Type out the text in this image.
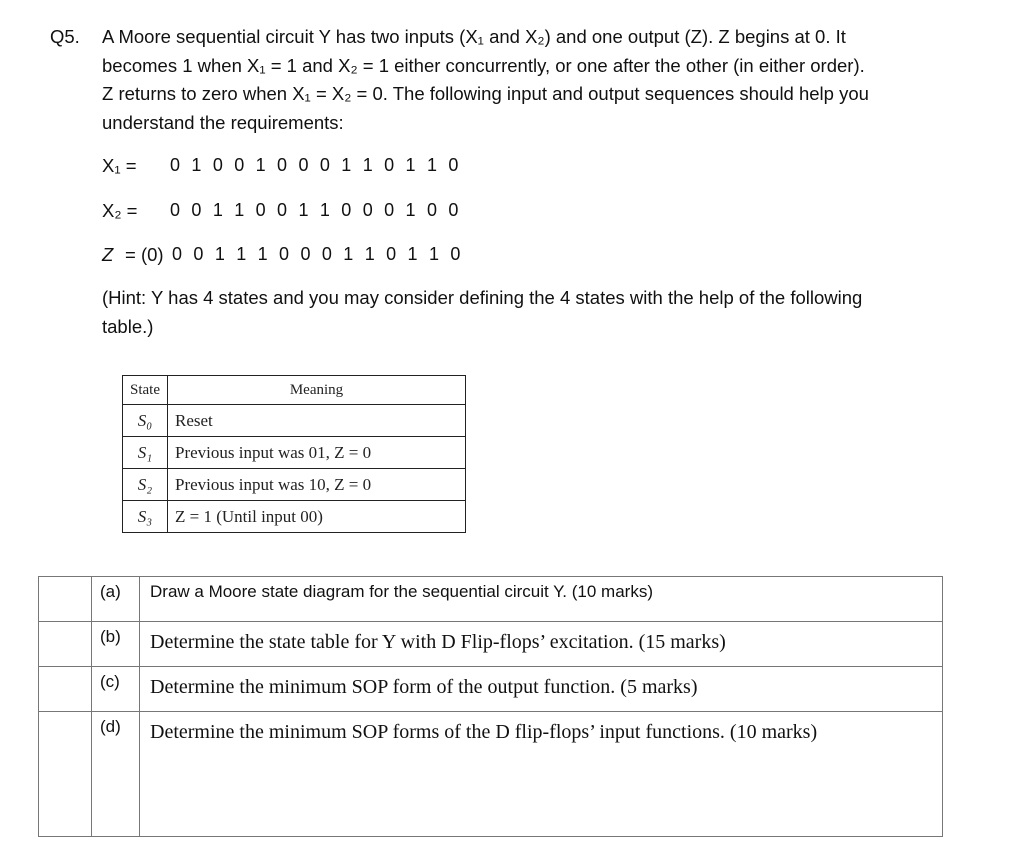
Q5. A Moore sequential circuit Y has two inputs (X₁ and X₂) and one output (Z). Z begins at 0. It
becomes 1 when X₁ = 1 and X₂ = 1 either concurrently, or one after the other (in either order).
Z returns to zero when X₁ = X₂ = 0. The following input and output sequences should help you
understand the requirements:
X₁ = 0 1 0 0 1 0 0 0 1 1 0 1 1 0
X₂ = 0 0 1 1 0 0 1 1 0 0 0 1 0 0
Z = (0) 0 0 1 1 1 0 0 0 1 1 0 1 1 0
(Hint: Y has 4 states and you may consider defining the 4 states with the help of the following
table.)
State	Meaning
S₀	Reset
S₁	Previous input was 01, Z = 0
S₂	Previous input was 10, Z = 0
S₃	Z = 1 (Until input 00)
	(a)	Draw a Moore state diagram for the sequential circuit Y. (10 marks)
	(b)	Determine the state table for Y with D Flip-flops’ excitation. (15 marks)
	(c)	Determine the minimum SOP form of the output function. (5 marks)
	(d)	Determine the minimum SOP forms of the D flip-flops’ input functions. (10 marks)
